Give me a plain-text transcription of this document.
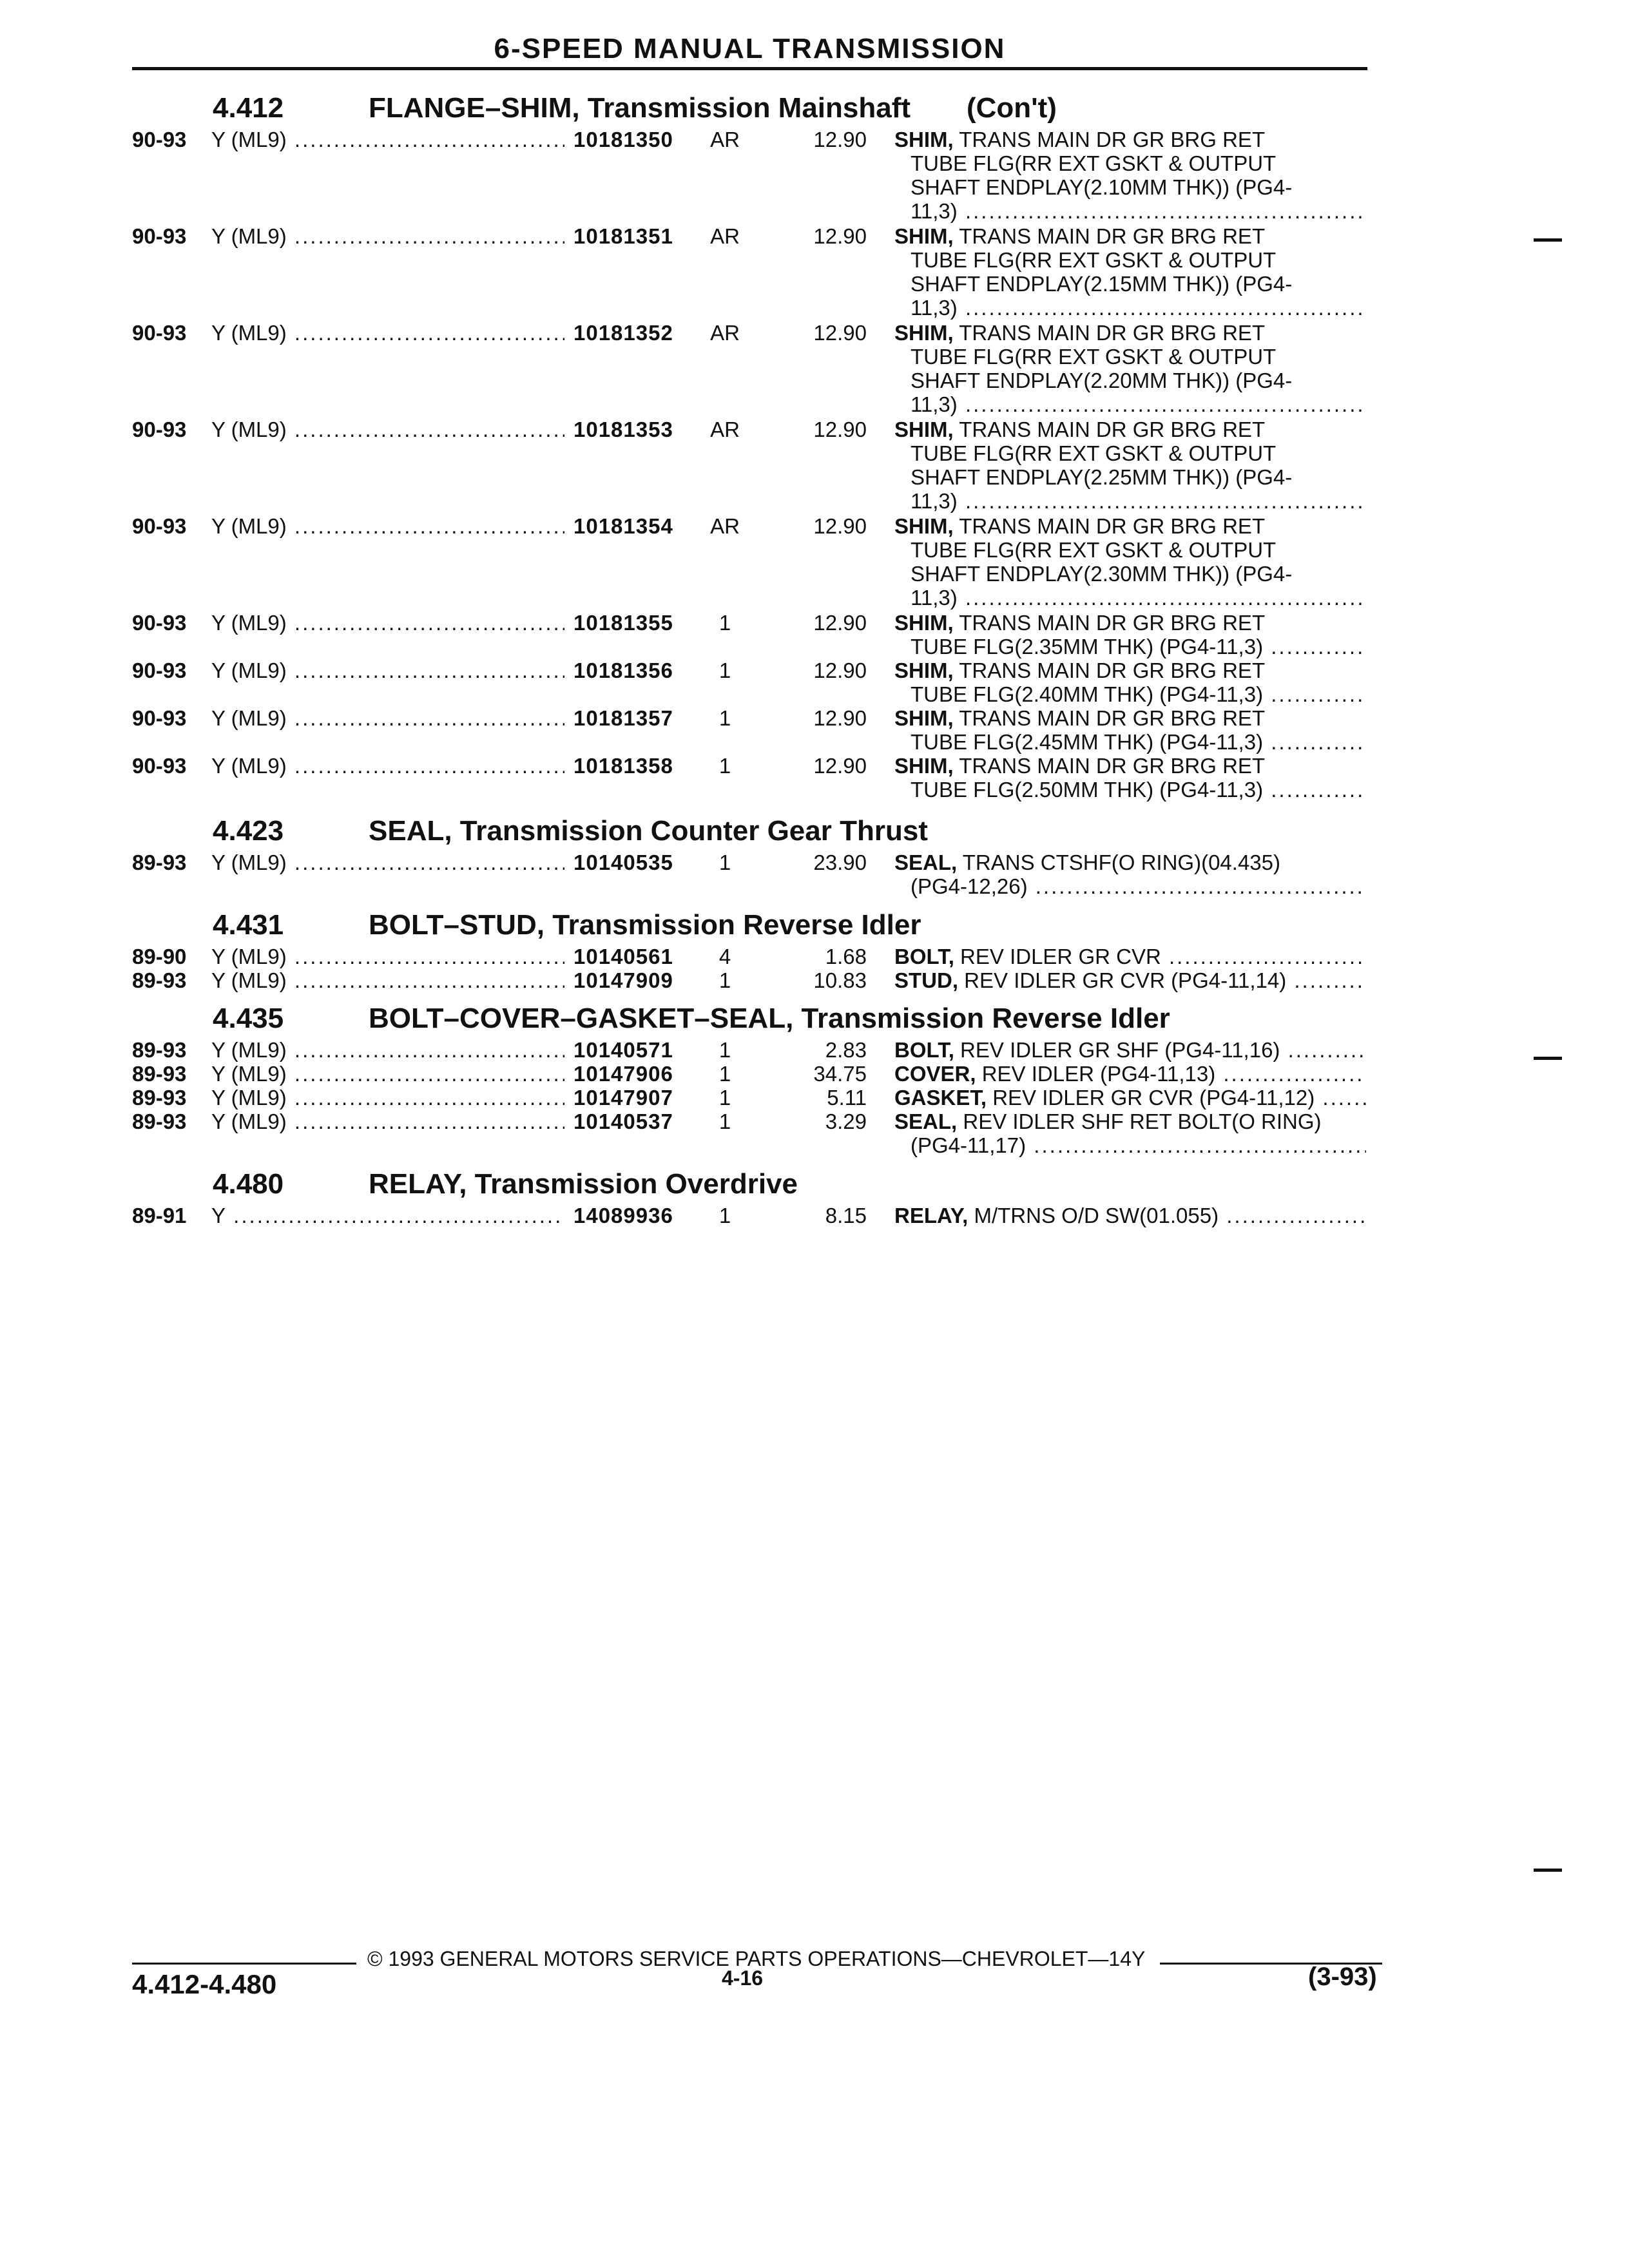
6-SPEED MANUAL TRANSMISSION
4.412	FLANGE–SHIM, Transmission Mainshaft (Con't)
90-93 Y (ML9) .....	10181350	AR	12.90 SHIM, TRANS MAIN DR GR BRG RET
TUBE FLG(RR EXT GSKT & OUTPUT
SHAFT ENDPLAY(2.10MM THK)) (PG4-
11,3) .....
90-93 Y (ML9) .....	10181351	AR	12.90 SHIM, TRANS MAIN DR GR BRG RET
TUBE FLG(RR EXT GSKT & OUTPUT
SHAFT ENDPLAY(2.15MM THK)) (PG4-
11,3) .....
90-93 Y (ML9) .....	10181352	AR	12.90 SHIM, TRANS MAIN DR GR BRG RET
TUBE FLG(RR EXT GSKT & OUTPUT
SHAFT ENDPLAY(2.20MM THK)) (PG4-
11,3) .....
90-93 Y (ML9) .....	10181353	AR	12.90 SHIM, TRANS MAIN DR GR BRG RET
TUBE FLG(RR EXT GSKT & OUTPUT
SHAFT ENDPLAY(2.25MM THK)) (PG4-
11,3) .....
90-93 Y (ML9) .....	10181354	AR	12.90 SHIM, TRANS MAIN DR GR BRG RET
TUBE FLG(RR EXT GSKT & OUTPUT
SHAFT ENDPLAY(2.30MM THK)) (PG4-
11,3) .....
90-93 Y (ML9) .....	10181355	1	12.90 SHIM, TRANS MAIN DR GR BRG RET
TUBE FLG(2.35MM THK) (PG4-11,3) .....
90-93 Y (ML9) .....	10181356	1	12.90 SHIM, TRANS MAIN DR GR BRG RET
TUBE FLG(2.40MM THK) (PG4-11,3) .....
90-93 Y (ML9) .....	10181357	1	12.90 SHIM, TRANS MAIN DR GR BRG RET
TUBE FLG(2.45MM THK) (PG4-11,3) .....
90-93 Y (ML9) .....	10181358	1	12.90 SHIM, TRANS MAIN DR GR BRG RET
TUBE FLG(2.50MM THK) (PG4-11,3) .....
4.423	SEAL, Transmission Counter Gear Thrust
89-93 Y (ML9) .....	10140535	1	23.90 SEAL, TRANS CTSHF(O RING)(04.435)
(PG4-12,26) .....
4.431	BOLT–STUD, Transmission Reverse Idler
89-90 Y (ML9) .....	10140561	4	1.68 BOLT, REV IDLER GR CVR .....
89-93 Y (ML9) .....	10147909	1	10.83 STUD, REV IDLER GR CVR (PG4-11,14) .....
4.435	BOLT–COVER–GASKET–SEAL, Transmission Reverse Idler
89-93 Y (ML9) .....	10140571	1	2.83 BOLT, REV IDLER GR SHF (PG4-11,16) .....
89-93 Y (ML9) .....	10147906	1	34.75 COVER, REV IDLER (PG4-11,13) .....
89-93 Y (ML9) .....	10147907	1	5.11 GASKET, REV IDLER GR CVR (PG4-11,12) .....
89-93 Y (ML9) .....	10140537	1	3.29 SEAL, REV IDLER SHF RET BOLT(O RING)
(PG4-11,17) .....
4.480	RELAY, Transmission Overdrive
89-91 Y .....	14089936	1	8.15 RELAY, M/TRNS O/D SW(01.055) .....
© 1993 GENERAL MOTORS SERVICE PARTS OPERATIONS—CHEVROLET—14Y
4.412-4.480	4-16	(3-93)
